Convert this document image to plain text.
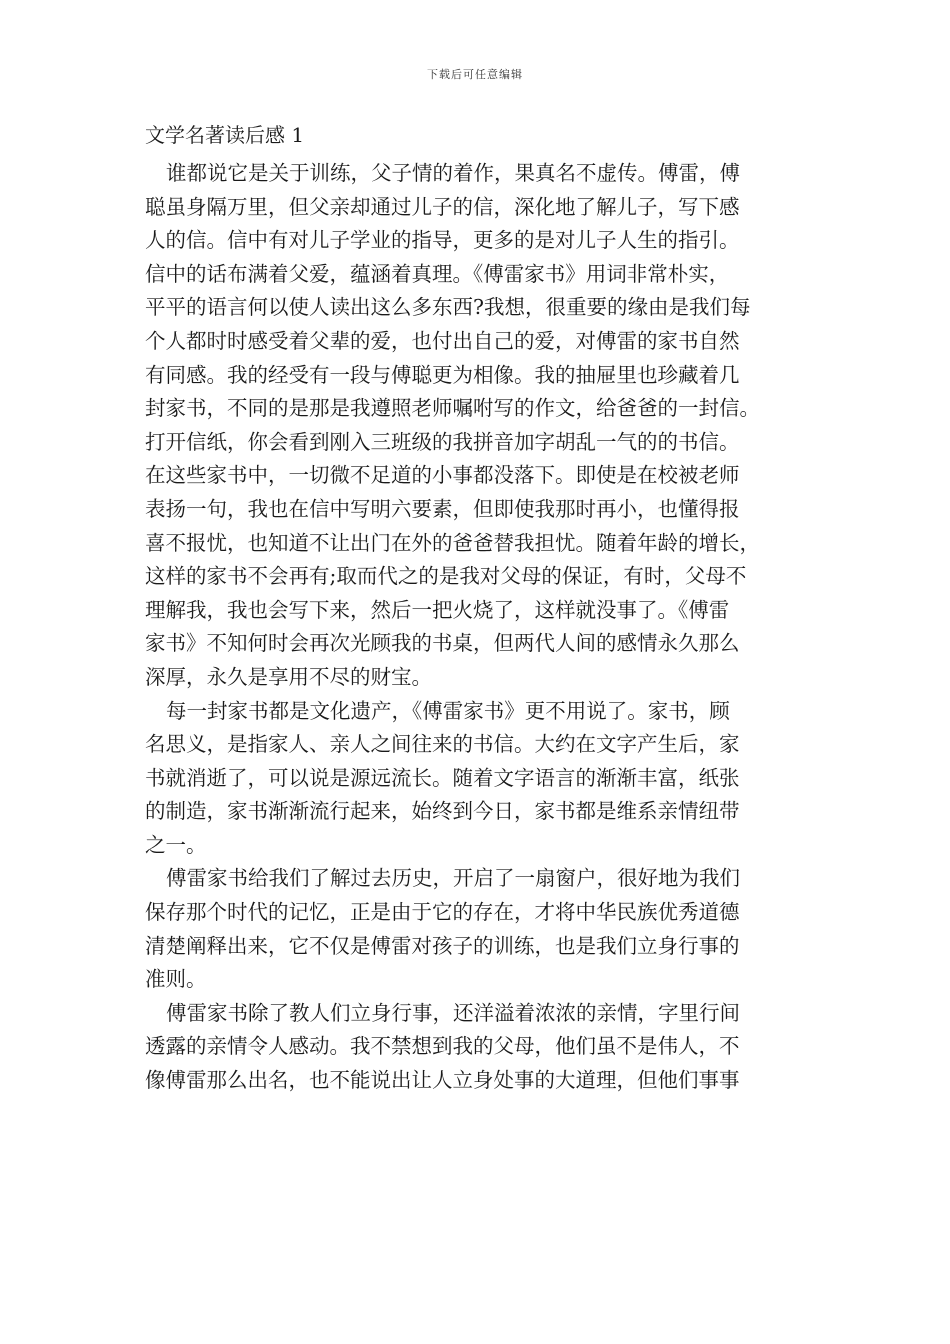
下载后可任意编辑
文学名著读后感 1
谁都说它是关于训练，父子情的着作，果真名不虚传。傅雷，傅
聪虽身隔万里，但父亲却通过儿子的信，深化地了解儿子，写下感
人的信。信中有对儿子学业的指导，更多的是对儿子人生的指引。
信中的话布满着父爱，蕴涵着真理。《傅雷家书》用词非常朴实，
平平的语言何以使人读出这么多东西?我想，很重要的缘由是我们每
个人都时时感受着父辈的爱，也付出自己的爱，对傅雷的家书自然
有同感。我的经受有一段与傅聪更为相像。我的抽屉里也珍藏着几
封家书，不同的是那是我遵照老师嘱咐写的作文，给爸爸的一封信。
打开信纸，你会看到刚入三班级的我拼音加字胡乱一气的的书信。
在这些家书中，一切微不足道的小事都没落下。即使是在校被老师
表扬一句，我也在信中写明六要素，但即使我那时再小，也懂得报
喜不报忧，也知道不让出门在外的爸爸替我担忧。随着年龄的增长，
这样的家书不会再有;取而代之的是我对父母的保证，有时，父母不
理解我，我也会写下来，然后一把火烧了，这样就没事了。《傅雷
家书》不知何时会再次光顾我的书桌，但两代人间的感情永久那么
深厚，永久是享用不尽的财宝。
每一封家书都是文化遗产，《傅雷家书》更不用说了。家书，顾
名思义，是指家人、亲人之间往来的书信。大约在文字产生后，家
书就消逝了，可以说是源远流长。随着文字语言的渐渐丰富，纸张
的制造，家书渐渐流行起来，始终到今日，家书都是维系亲情纽带
之一。
傅雷家书给我们了解过去历史，开启了一扇窗户，很好地为我们
保存那个时代的记忆，正是由于它的存在，才将中华民族优秀道德
清楚阐释出来，它不仅是傅雷对孩子的训练，也是我们立身行事的
准则。
傅雷家书除了教人们立身行事，还洋溢着浓浓的亲情，字里行间
透露的亲情令人感动。我不禁想到我的父母，他们虽不是伟人，不
像傅雷那么出名，也不能说出让人立身处事的大道理，但他们事事
